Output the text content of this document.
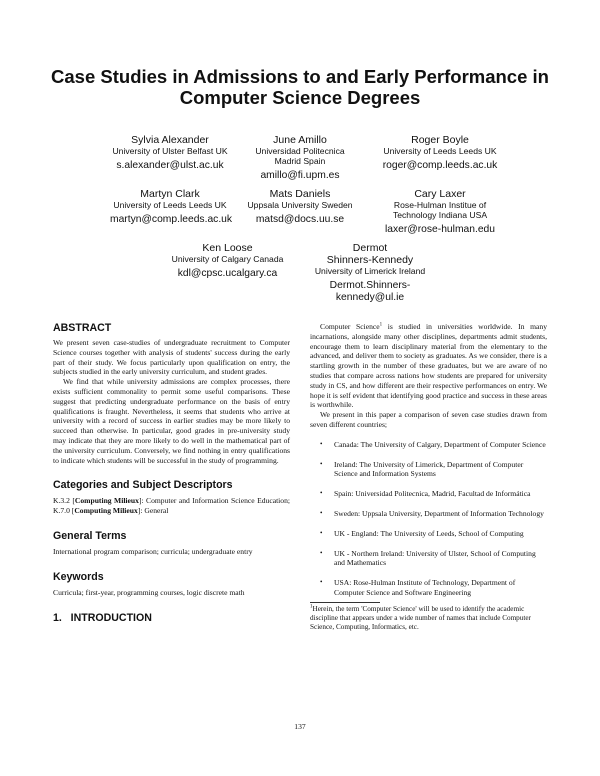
Case Studies in Admissions to and Early Performance in
Computer Science Degrees
Sylvia Alexander
University of Ulster Belfast UK
s.alexander@ulst.ac.uk
June Amillo
Universidad Politecnica
Madrid Spain
amillo@fi.upm.es
Roger Boyle
University of Leeds Leeds UK
roger@comp.leeds.ac.uk
Martyn Clark
University of Leeds Leeds UK
martyn@comp.leeds.ac.uk
Mats Daniels
Uppsala University Sweden
matsd@docs.uu.se
Cary Laxer
Rose-Hulman Institue of
Technology Indiana USA
laxer@rose-hulman.edu
Ken Loose
University of Calgary Canada
kdl@cpsc.ucalgary.ca
Dermot
Shinners-Kennedy
University of Limerick Ireland
Dermot.Shinners-
kennedy@ul.ie
ABSTRACT

We present seven case-studies of undergraduate recruitment to Computer Science courses together with analysis of students' success during the early part of their study. We focus particularly upon qualification on entry, the subjects studied in the early university curriculum, and student grades.

We find that while university admissions are complex processes, there exists sufficient commonality to permit some useful comparisons. These suggest that predicting undergraduate performance on the basis of entry qualifications is fraught. Nevertheless, it seems that students who arrive at university with a record of success in earlier studies may be more likely to succeed than otherwise. In particular, good grades in pre-university study may indicate that they are more likely to do well in the mathematical part of the university curriculum. Conversely, we find nothing in entry qualifications to indicate which students will be successful in the study of programming.

Categories and Subject Descriptors

K.3.2 [Computing Milieux]: Computer and Information Science Education; K.7.0 [Computing Milieux]: General

General Terms

International program comparison; curricula; undergraduate entry

Keywords

Curricula; first-year, programming courses, logic discrete math

1.   INTRODUCTION

Computer Science$^1$ is studied in universities worldwide. In many incarnations, alongside many other disciplines, departments admit students, encourage them to learn disciplinary material from the elementary to the advanced, and deliver them to society as graduates. As we consider, there is a startling growth in the number of these graduates, but we are aware of no studies that compare across nations how students are prepared for university study in CS, and how different are their respective performances on entry. We hope it is self evident that identifying good practice and success in these areas is worthwhile.

We present in this paper a comparison of seven case studies drawn from seven different countries;

• Canada: The University of Calgary, Department of Computer Science
• Ireland: The University of Limerick, Department of Computer Science and Information Systems
• Spain: Universidad Politecnica, Madrid, Facultad de Informática
• Sweden: Uppsala University, Department of Information Technology
• UK - England: The University of Leeds, School of Computing
• UK - Northern Ireland: University of Ulster, School of Computing and Mathematics
• USA: Rose-Hulman Institute of Technology, Department of Computer Science and Software Engineering
$^1$Herein, the term 'Computer Science' will be used to identify the academic discipline that appears under a wide number of names that include Computer Science, Computing, Informatics, etc.
137
